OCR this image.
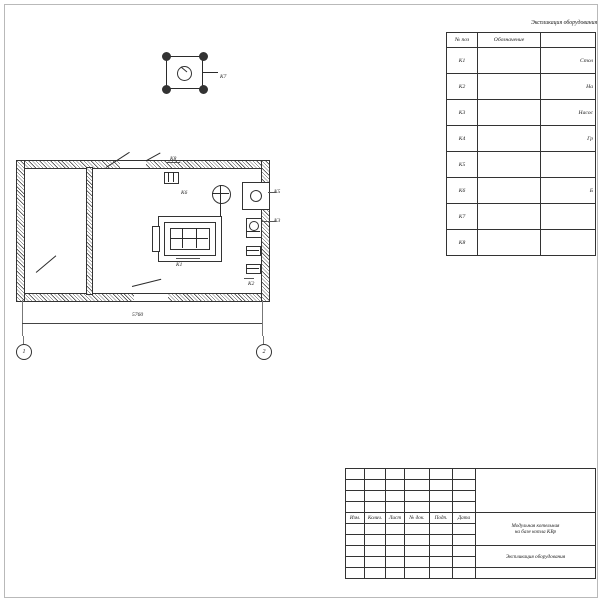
Экспликация оборудования
№ поз	Обозначение	
К1		Стол
К2		На
К3		Насос
К4		Гр
К5		
К6		Б
К7		
К8		
К7
К8
К6	К5
К3
К1
К2
5760
1	2

Изм.	Колич.	Лист	№ док.	Подп.	Дата	Модульная котельная
на базе котла КВр

						Экспликация оборудования
